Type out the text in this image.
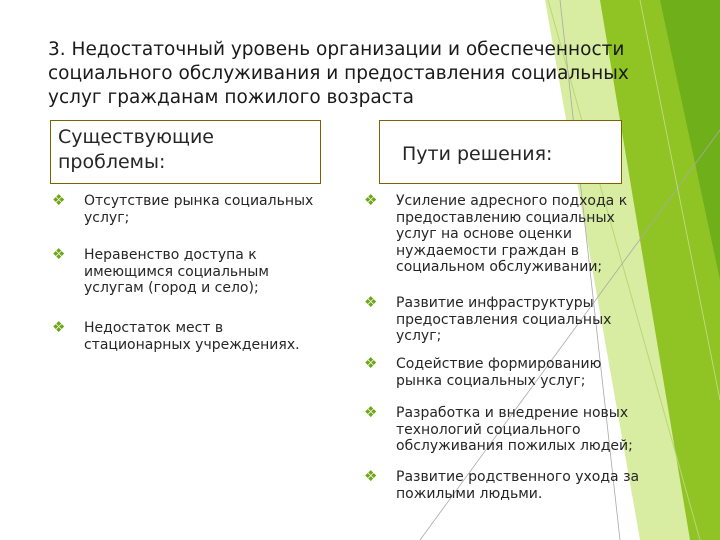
3. Недостаточный уровень организации и обеспеченности
социального обслуживания и предоставления социальных
услуг гражданам пожилого возраста
Существующие
проблемы:	Пути решения:
❖ Отсутствие рынка социальных
услуг;
❖ Неравенство доступа к
имеющимся социальным
услугам (город и село);
❖ Недостаток мест в
стационарных учреждениях.
❖ Усиление адресного подхода к
предоставлению социальных
услуг на основе оценки
нуждаемости граждан в
социальном обслуживании;
❖ Развитие инфраструктуры
предоставления социальных
услуг;
❖ Содействие формированию
рынка социальных услуг;
❖ Разработка и внедрение новых
технологий социального
обслуживания пожилых людей;
❖ Развитие родственного ухода за
пожилыми людьми.
